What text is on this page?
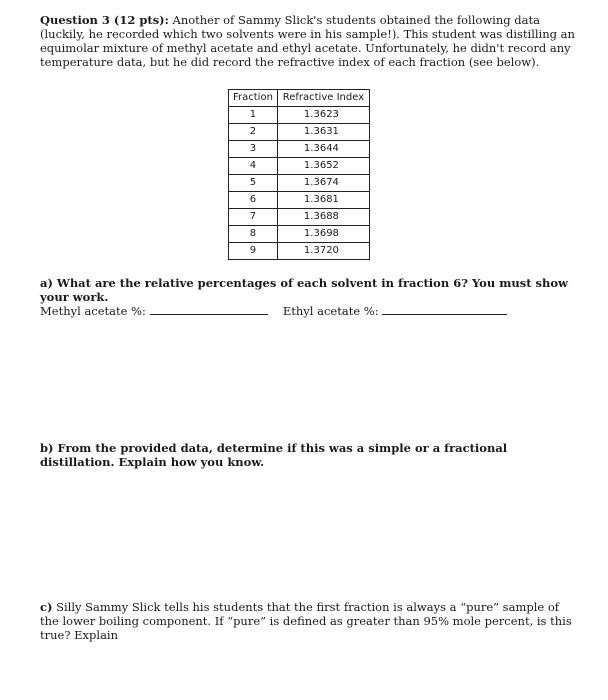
Question 3 (12 pts): Another of Sammy Slick's students obtained the following data (luckily, he recorded which two solvents were in his sample!). This student was distilling an equimolar mixture of methyl acetate and ethyl acetate. Unfortunately, he didn't record any temperature data, but he did record the refractive index of each fraction (see below).
Fraction	Refractive Index
1	1.3623
2	1.3631
3	1.3644
4	1.3652
5	1.3674
6	1.3681
7	1.3688
8	1.3698
9	1.3720
a) What are the relative percentages of each solvent in fraction 6? You must show your work.
Methyl acetate %:	Ethyl acetate %:
b) From the provided data, determine if this was a simple or a fractional distillation. Explain how you know.
c) Silly Sammy Slick tells his students that the first fraction is always a “pure” sample of the lower boiling component. If “pure” is defined as greater than 95% mole percent, is this true? Explain
